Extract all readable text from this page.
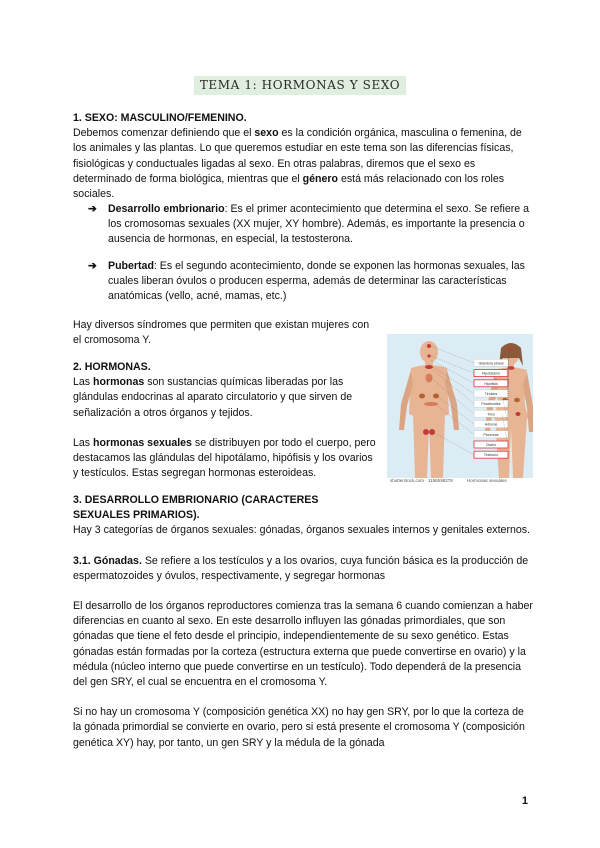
TEMA 1: HORMONAS Y SEXO

1. SEXO: MASCULINO/FEMENINO.

Debemos comenzar definiendo que el sexo es la condición orgánica, masculina o femenina, de los animales y las plantas. Lo que queremos estudiar en este tema son las diferencias físicas, fisiológicas y conductuales ligadas al sexo. En otras palabras, diremos que el sexo es determinado de forma biológica, mientras que el género está más relacionado con los roles sociales.

➔ Desarrollo embrionario: Es el primer acontecimiento que determina el sexo. Se refiere a los cromosomas sexuales (XX mujer, XY hombre). Además, es importante la presencia o ausencia de hormonas, en especial, la testosterona.

➔ Pubertad: Es el segundo acontecimiento, donde se exponen las hormonas sexuales, las cuales liberan óvulos o producen esperma, además de determinar las características anatómicas (vello, acné, mamas, etc.)

Hay diversos síndromes que permiten que existan mujeres con el cromosoma Y.

2. HORMONAS.

Las hormonas son sustancias químicas liberadas por las glándulas endocrinas al aparato circulatorio y que sirven de señalización a otros órganos y tejidos.

Las hormonas sexuales se distribuyen por todo el cuerpo, pero destacamos las glándulas del hipotálamo, hipófisis y los ovarios y testículos. Estas segregan hormonas esteroideas.

Glándula pineal
Hipotálamo
Hipófisis
Tiroides
Paratiroides
Timo
Adrenal
Páncreas
Ovario
Testículo
shutterstock.com · 1186598278	Hormonas sexuales

3. DESARROLLO EMBRIONARIO (CARACTERES SEXUALES PRIMARIOS).

Hay 3 categorías de órganos sexuales: gónadas, órganos sexuales internos y genitales externos.

3.1. Gónadas. Se refiere a los testículos y a los ovarios, cuya función básica es la producción de espermatozoides y óvulos, respectivamente, y segregar hormonas

El desarrollo de los órganos reproductores comienza tras la semana 6 cuando comienzan a haber diferencias en cuanto al sexo. En este desarrollo influyen las gónadas primordiales, que son gónadas que tiene el feto desde el principio, independientemente de su sexo genético. Estas gónadas están formadas por la corteza (estructura externa que puede convertirse en ovario) y la médula (núcleo interno que puede convertirse en un testículo). Todo dependerá de la presencia del gen SRY, el cual se encuentra en el cromosoma Y.

Si no hay un cromosoma Y (composición genética XX) no hay gen SRY, por lo que la corteza de la gónada primordial se convierte en ovario, pero si está presente el cromosoma Y (composición genética XY) hay, por tanto, un gen SRY y la médula de la gónada

1
